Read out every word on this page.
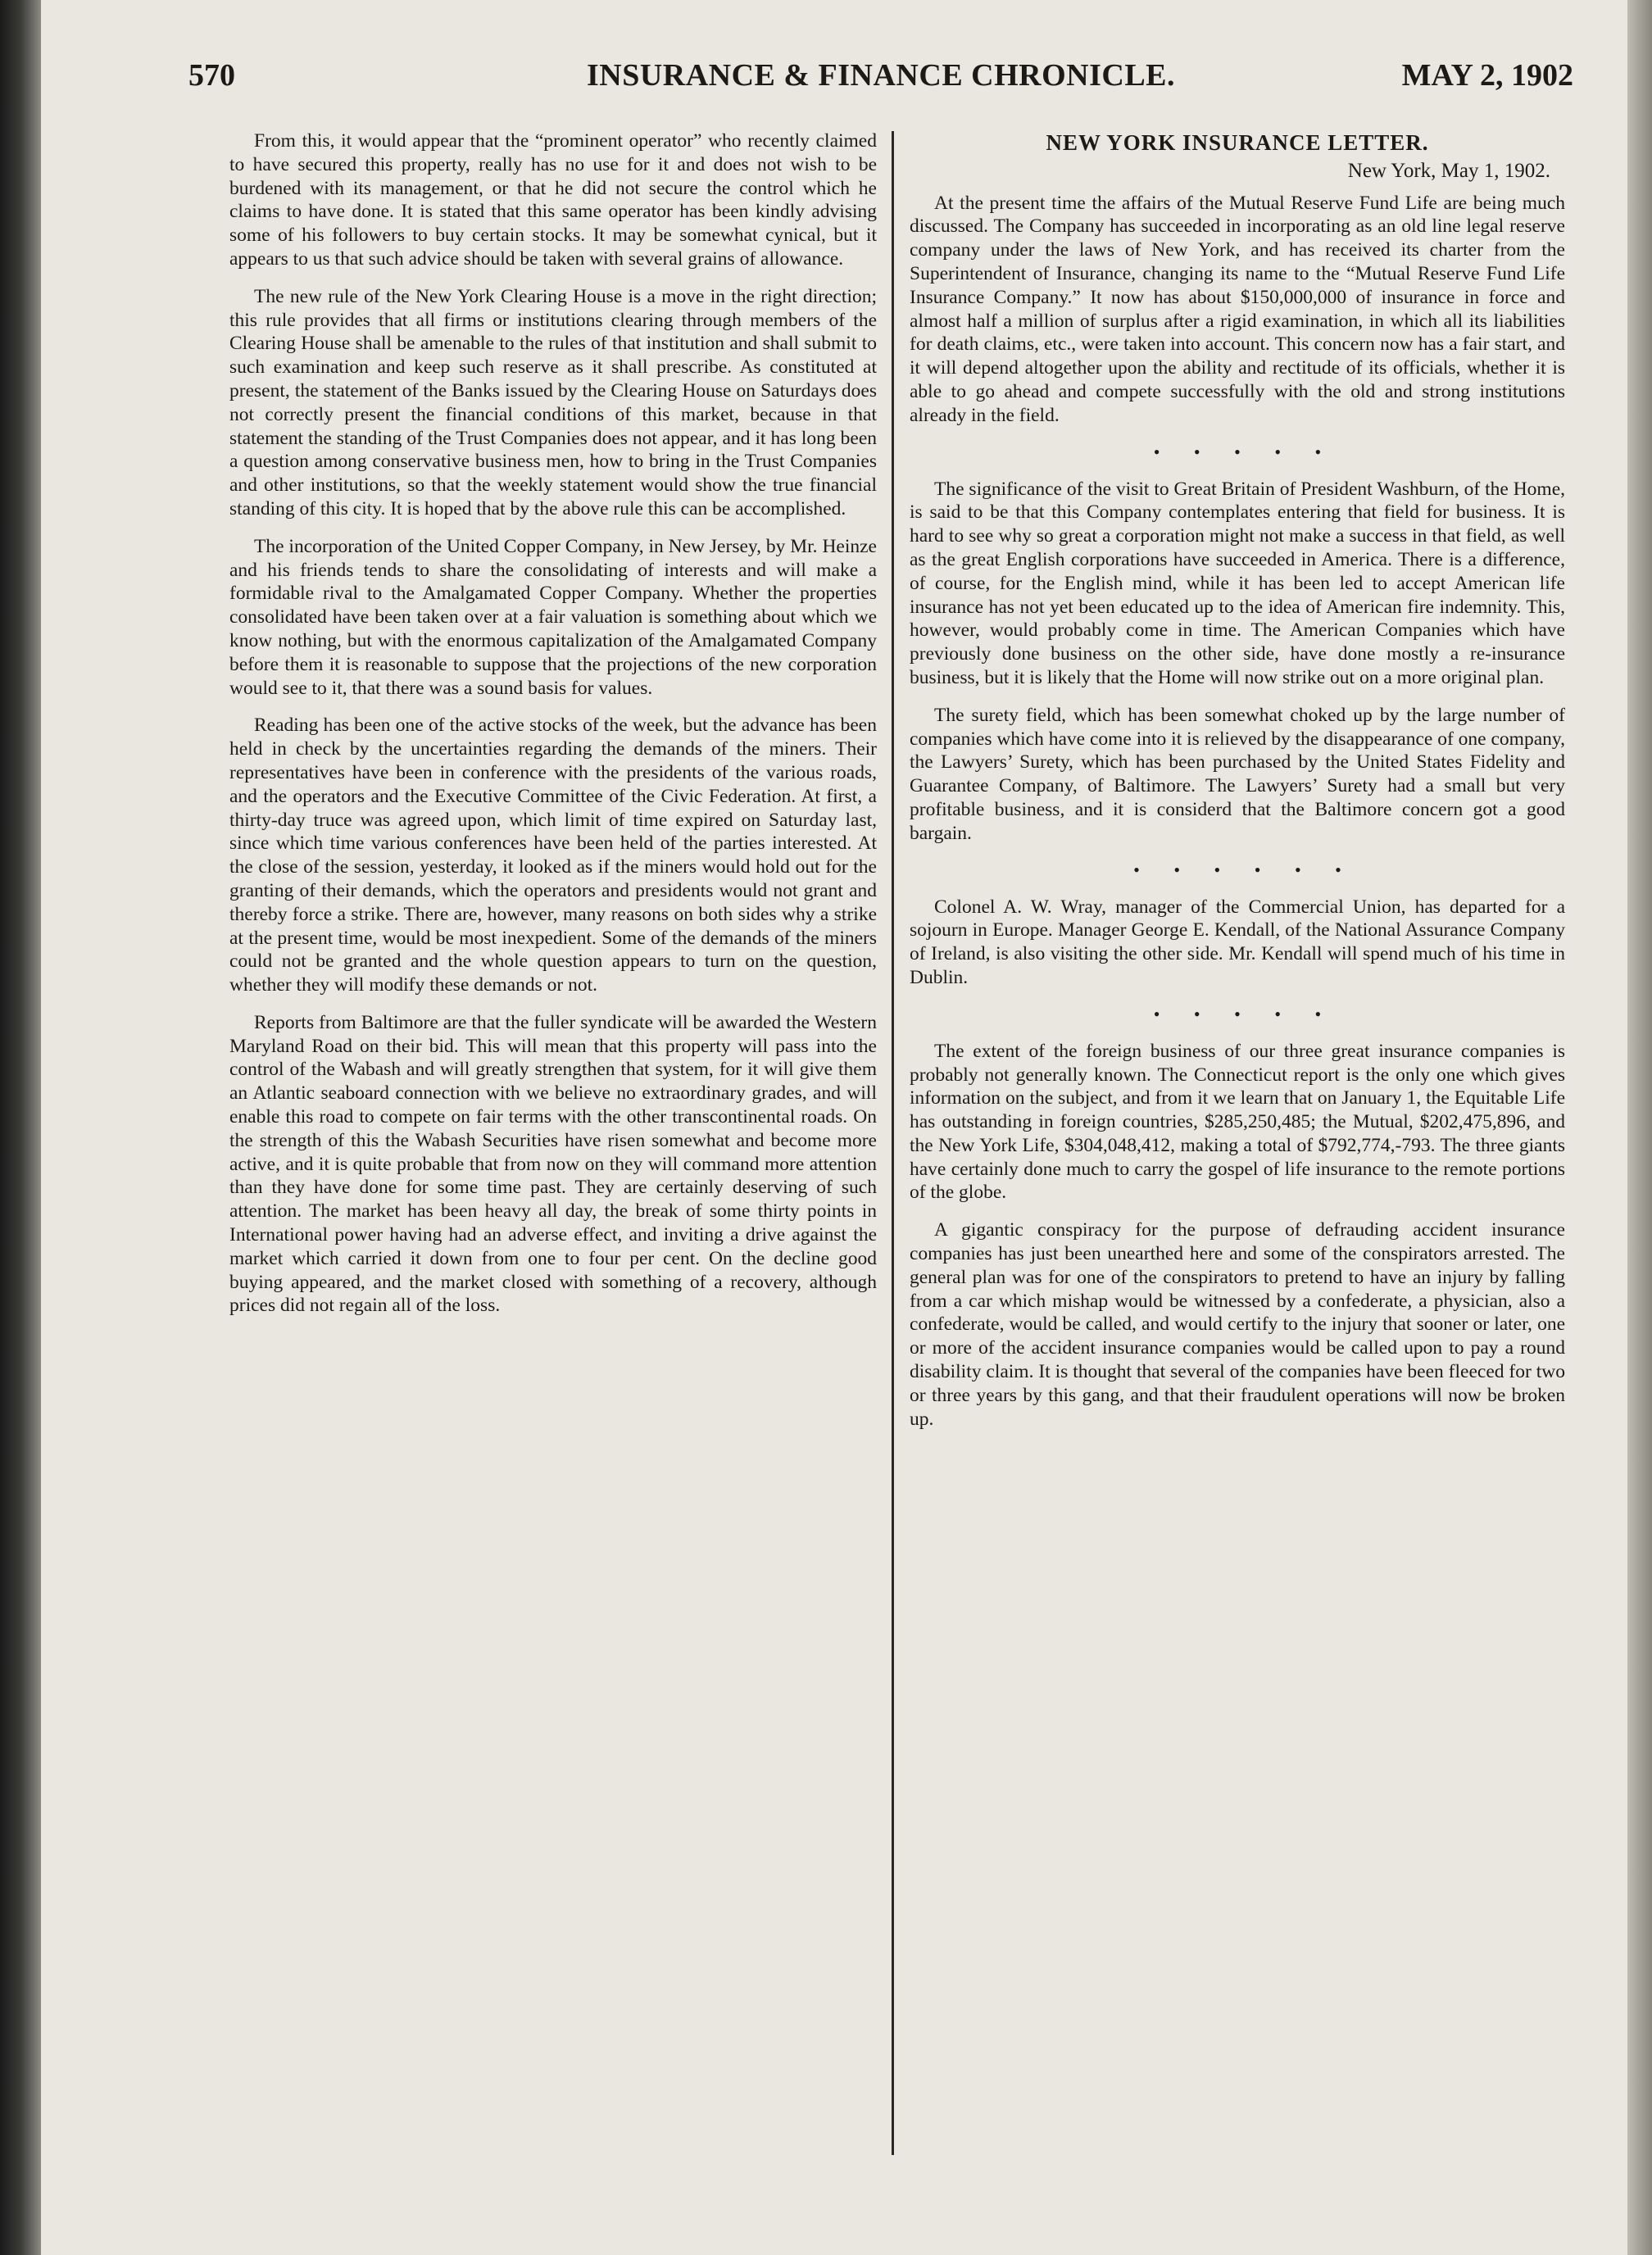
570	INSURANCE & FINANCE CHRONICLE.	MAY 2, 1902

From this, it would appear that the “prominent operator” who recently claimed to have secured this property, really has no use for it and does not wish to be burdened with its management, or that he did not secure the control which he claims to have done. It is stated that this same operator has been kindly advising some of his followers to buy certain stocks. It may be somewhat cynical, but it appears to us that such advice should be taken with several grains of allowance.

The new rule of the New York Clearing House is a move in the right direction; this rule provides that all firms or institutions clearing through members of the Clearing House shall be amenable to the rules of that institution and shall submit to such examination and keep such reserve as it shall prescribe. As constituted at present, the statement of the Banks issued by the Clearing House on Saturdays does not correctly present the financial conditions of this market, because in that statement the standing of the Trust Companies does not appear, and it has long been a question among conservative business men, how to bring in the Trust Companies and other institutions, so that the weekly statement would show the true financial standing of this city. It is hoped that by the above rule this can be accomplished.

The incorporation of the United Copper Company, in New Jersey, by Mr. Heinze and his friends tends to share the consolidating of interests and will make a formidable rival to the Amalgamated Copper Company. Whether the properties consolidated have been taken over at a fair valuation is something about which we know nothing, but with the enormous capitalization of the Amalgamated Company before them it is reasonable to suppose that the projections of the new corporation would see to it, that there was a sound basis for values.

Reading has been one of the active stocks of the week, but the advance has been held in check by the uncertainties regarding the demands of the miners. Their representatives have been in conference with the presidents of the various roads, and the operators and the Executive Committee of the Civic Federation. At first, a thirty-day truce was agreed upon, which limit of time expired on Saturday last, since which time various conferences have been held of the parties interested. At the close of the session, yesterday, it looked as if the miners would hold out for the granting of their demands, which the operators and presidents would not grant and thereby force a strike. There are, however, many reasons on both sides why a strike at the present time, would be most inexpedient. Some of the demands of the miners could not be granted and the whole question appears to turn on the question, whether they will modify these demands or not.

Reports from Baltimore are that the fuller syndicate will be awarded the Western Maryland Road on their bid. This will mean that this property will pass into the control of the Wabash and will greatly strengthen that system, for it will give them an Atlantic seaboard connection with we believe no extraordinary grades, and will enable this road to compete on fair terms with the other transcontinental roads. On the strength of this the Wabash Securities have risen somewhat and become more active, and it is quite probable that from now on they will command more attention than they have done for some time past. They are certainly deserving of such attention. The market has been heavy all day, the break of some thirty points in International power having had an adverse effect, and inviting a drive against the market which carried it down from one to four per cent. On the decline good buying appeared, and the market closed with something of a recovery, although prices did not regain all of the loss.

NEW YORK INSURANCE LETTER.
New York, May 1, 1902.

At the present time the affairs of the Mutual Reserve Fund Life are being much discussed. The Company has succeeded in incorporating as an old line legal reserve company under the laws of New York, and has received its charter from the Superintendent of Insurance, changing its name to the “Mutual Reserve Fund Life Insurance Company.” It now has about $150,000,000 of insurance in force and almost half a million of surplus after a rigid examination, in which all its liabilities for death claims, etc., were taken into account. This concern now has a fair start, and it will depend altogether upon the ability and rectitude of its officials, whether it is able to go ahead and compete successfully with the old and strong institutions already in the field.

• • • • •

The significance of the visit to Great Britain of President Washburn, of the Home, is said to be that this Company contemplates entering that field for business. It is hard to see why so great a corporation might not make a success in that field, as well as the great English corporations have succeeded in America. There is a difference, of course, for the English mind, while it has been led to accept American life insurance has not yet been educated up to the idea of American fire indemnity. This, however, would probably come in time. The American Companies which have previously done business on the other side, have done mostly a re-insurance business, but it is likely that the Home will now strike out on a more original plan.

The surety field, which has been somewhat choked up by the large number of companies which have come into it is relieved by the disappearance of one company, the Lawyers’ Surety, which has been purchased by the United States Fidelity and Guarantee Company, of Baltimore. The Lawyers’ Surety had a small but very profitable business, and it is considerd that the Baltimore concern got a good bargain.

• • • • • •

Colonel A. W. Wray, manager of the Commercial Union, has departed for a sojourn in Europe. Manager George E. Kendall, of the National Assurance Company of Ireland, is also visiting the other side. Mr. Kendall will spend much of his time in Dublin.

• • • • •

The extent of the foreign business of our three great insurance companies is probably not generally known. The Connecticut report is the only one which gives information on the subject, and from it we learn that on January 1, the Equitable Life has outstanding in foreign countries, $285,250,485; the Mutual, $202,475,896, and the New York Life, $304,048,412, making a total of $792,774,-793. The three giants have certainly done much to carry the gospel of life insurance to the remote portions of the globe.

A gigantic conspiracy for the purpose of defrauding accident insurance companies has just been unearthed here and some of the conspirators arrested. The general plan was for one of the conspirators to pretend to have an injury by falling from a car which mishap would be witnessed by a confederate, a physician, also a confederate, would be called, and would certify to the injury that sooner or later, one or more of the accident insurance companies would be called upon to pay a round disability claim. It is thought that several of the companies have been fleeced for two or three years by this gang, and that their fraudulent operations will now be broken up.
